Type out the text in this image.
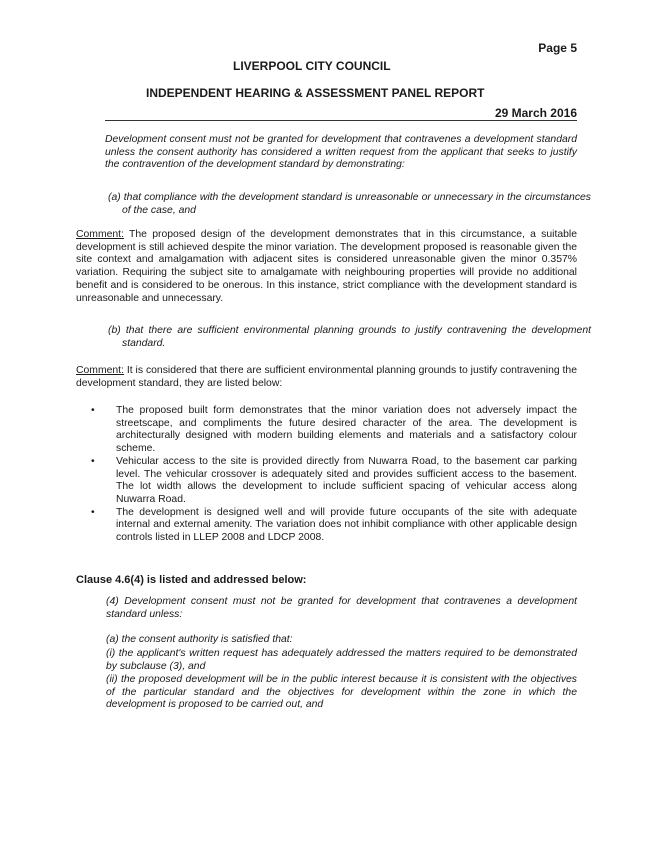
Page 5
LIVERPOOL CITY COUNCIL
INDEPENDENT HEARING & ASSESSMENT PANEL REPORT
29 March 2016
Development consent must not be granted for development that contravenes a development standard unless the consent authority has considered a written request from the applicant that seeks to justify the contravention of the development standard by demonstrating:
(a) that compliance with the development standard is unreasonable or unnecessary in the circumstances of the case, and
Comment: The proposed design of the development demonstrates that in this circumstance, a suitable development is still achieved despite the minor variation. The development proposed is reasonable given the site context and amalgamation with adjacent sites is considered unreasonable given the minor 0.357% variation. Requiring the subject site to amalgamate with neighbouring properties will provide no additional benefit and is considered to be onerous. In this instance, strict compliance with the development standard is unreasonable and unnecessary.
(b) that there are sufficient environmental planning grounds to justify contravening the development standard.
Comment: It is considered that there are sufficient environmental planning grounds to justify contravening the development standard, they are listed below:
• The proposed built form demonstrates that the minor variation does not adversely impact the streetscape, and compliments the future desired character of the area. The development is architecturally designed with modern building elements and materials and a satisfactory colour scheme.
• Vehicular access to the site is provided directly from Nuwarra Road, to the basement car parking level. The vehicular crossover is adequately sited and provides sufficient access to the basement. The lot width allows the development to include sufficient spacing of vehicular access along Nuwarra Road.
• The development is designed well and will provide future occupants of the site with adequate internal and external amenity. The variation does not inhibit compliance with other applicable design controls listed in LLEP 2008 and LDCP 2008.
Clause 4.6(4) is listed and addressed below:
(4) Development consent must not be granted for development that contravenes a development standard unless:
(a) the consent authority is satisfied that:
(i) the applicant's written request has adequately addressed the matters required to be demonstrated by subclause (3), and
(ii) the proposed development will be in the public interest because it is consistent with the objectives of the particular standard and the objectives for development within the zone in which the development is proposed to be carried out, and
